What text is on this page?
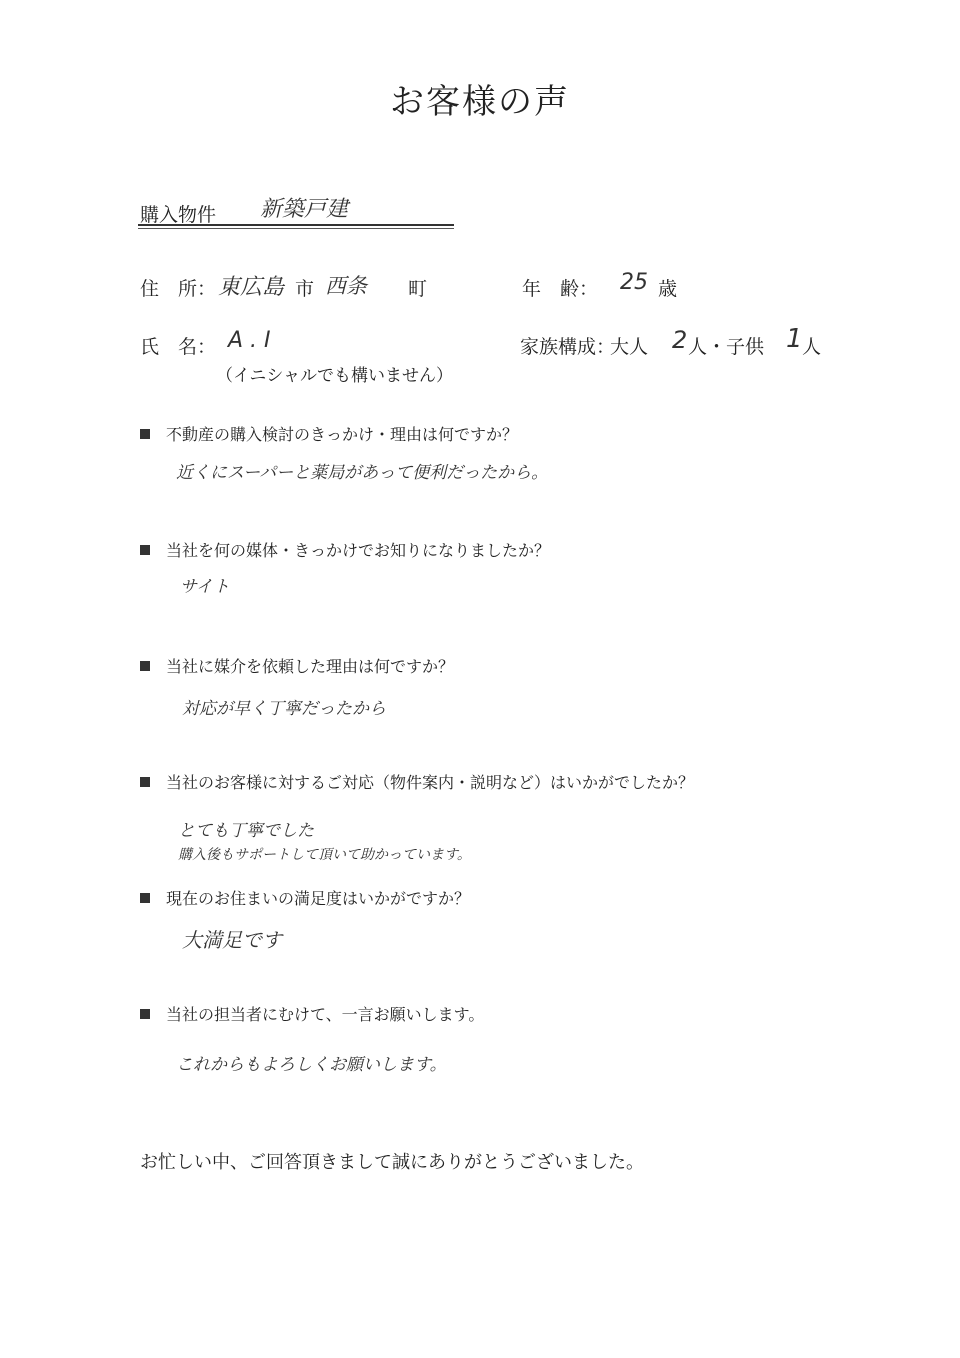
お客様の声
購入物件 新築戸建
住　所： 東広島 市 西条 町	年　齢： 25 歳
氏　名： A . I
（イニシャルでも構いません）
家族構成：
大人 2 人・子供 1 人
不動産の購入検討のきっかけ・理由は何ですか？
近くにスーパーと薬局があって便利だったから。
当社を何の媒体・きっかけでお知りになりましたか？
サイト
当社に媒介を依頼した理由は何ですか？
対応が早く丁寧だったから
当社のお客様に対するご対応（物件案内・説明など）はいかがでしたか？
とても丁寧でした
購入後もサポートして頂いて助かっています。
現在のお住まいの満足度はいかがですか？
大満足です
当社の担当者にむけて、一言お願いします。
これからもよろしくお願いします。
お忙しい中、ご回答頂きまして誠にありがとうございました。
